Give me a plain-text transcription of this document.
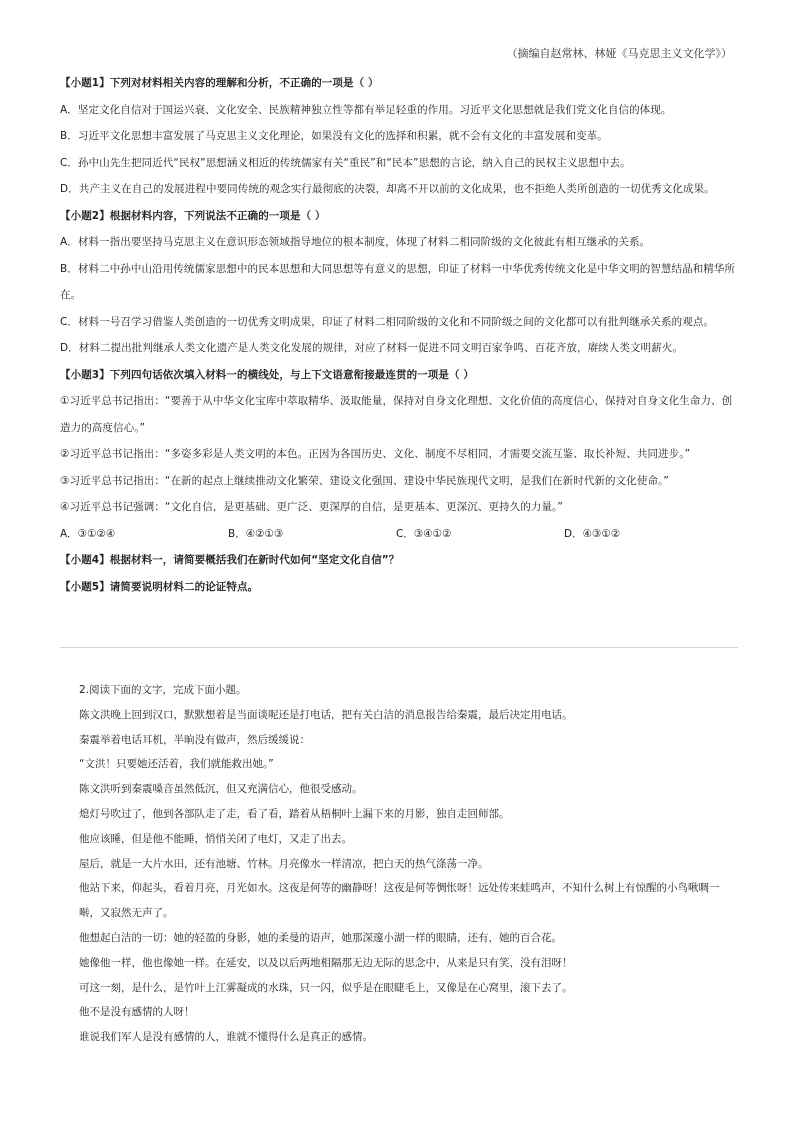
（摘编自赵常林、林娅《马克思主义文化学》）

【小题1】下列对材料相关内容的理解和分析，不正确的一项是（ ）

A．坚定文化自信对于国运兴衰、文化安全、民族精神独立性等都有举足轻重的作用。习近平文化思想就是我们党文化自信的体现。

B．习近平文化思想丰富发展了马克思主义文化理论，如果没有文化的选择和积累，就不会有文化的丰富发展和变革。

C．孙中山先生把同近代“民权”思想涵义相近的传统儒家有关“重民”和“民本”思想的言论，纳入自己的民权主义思想中去。

D．共产主义在自己的发展进程中要同传统的观念实行最彻底的决裂，却离不开以前的文化成果，也不拒绝人类所创造的一切优秀文化成果。

【小题2】根据材料内容，下列说法不正确的一项是（ ）

A．材料一指出要坚持马克思主义在意识形态领域指导地位的根本制度，体现了材料二相同阶级的文化彼此有相互继承的关系。

B．材料二中孙中山沿用传统儒家思想中的民本思想和大同思想等有意义的思想，印证了材料一中华优秀传统文化是中华文明的智慧结晶和精华所在。

C．材料一号召学习借鉴人类创造的一切优秀文明成果，印证了材料二相同阶级的文化和不同阶级之间的文化都可以有批判继承关系的观点。

D．材料二提出批判继承人类文化遗产是人类文化发展的规律，对应了材料一促进不同文明百家争鸣、百花齐放，赓续人类文明薪火。

【小题3】下列四句话依次填入材料一的横线处，与上下文语意衔接最连贯的一项是（ ）

①习近平总书记指出：“要善于从中华文化宝库中萃取精华、汲取能量，保持对自身文化理想、文化价值的高度信心，保持对自身文化生命力、创造力的高度信心。”

②习近平总书记指出：“多姿多彩是人类文明的本色。正因为各国历史、文化、制度不尽相同，才需要交流互鉴、取长补短、共同进步。”

③习近平总书记指出：“在新的起点上继续推动文化繁荣、建设文化强国、建设中华民族现代文明，是我们在新时代新的文化使命。”

④习近平总书记强调：“文化自信，是更基础、更广泛、更深厚的自信，是更基本、更深沉、更持久的力量。”

A．③①②④	B．④②①③	C．③④①②	D．④③①②

【小题4】根据材料一，请简要概括我们在新时代如何“坚定文化自信”？

【小题5】请简要说明材料二的论证特点。

2.阅读下面的文字，完成下面小题。

陈文洪晚上回到汉口，默默想着是当面谈呢还是打电话，把有关白洁的消息报告给秦震，最后决定用电话。

秦震举着电话耳机，半晌没有做声，然后缓缓说：

“文洪！只要她还活着，我们就能救出她。”

陈文洪听到秦震嗓音虽然低沉，但又充满信心，他很受感动。

熄灯号吹过了，他到各部队走了走，看了看，踏着从梧桐叶上漏下来的月影，独自走回师部。

他应该睡，但是他不能睡，悄悄关闭了电灯，又走了出去。

屋后，就是一大片水田，还有池塘、竹林。月亮像水一样清凉，把白天的热气涤荡一净。

他站下来，仰起头，看着月亮，月光如水。这夜是何等的幽静呀！这夜是何等惆怅呀！远处传来蛙鸣声，不知什么树上有惊醒的小鸟啾啁一啭，又寂然无声了。

他想起白洁的一切：她的轻盈的身影，她的柔曼的语声，她那深邃小湖一样的眼睛，还有，她的百合花。

她像他一样，他也像她一样。在延安，以及以后两地相隔那无边无际的思念中，从来是只有笑，没有泪呀！

可这一刻，是什么，是竹叶上江雾凝成的水珠，只一闪，似乎是在眼睫毛上，又像是在心窝里，滚下去了。

他不是没有感情的人呀！

谁说我们军人是没有感情的人，谁就不懂得什么是真正的感情。
